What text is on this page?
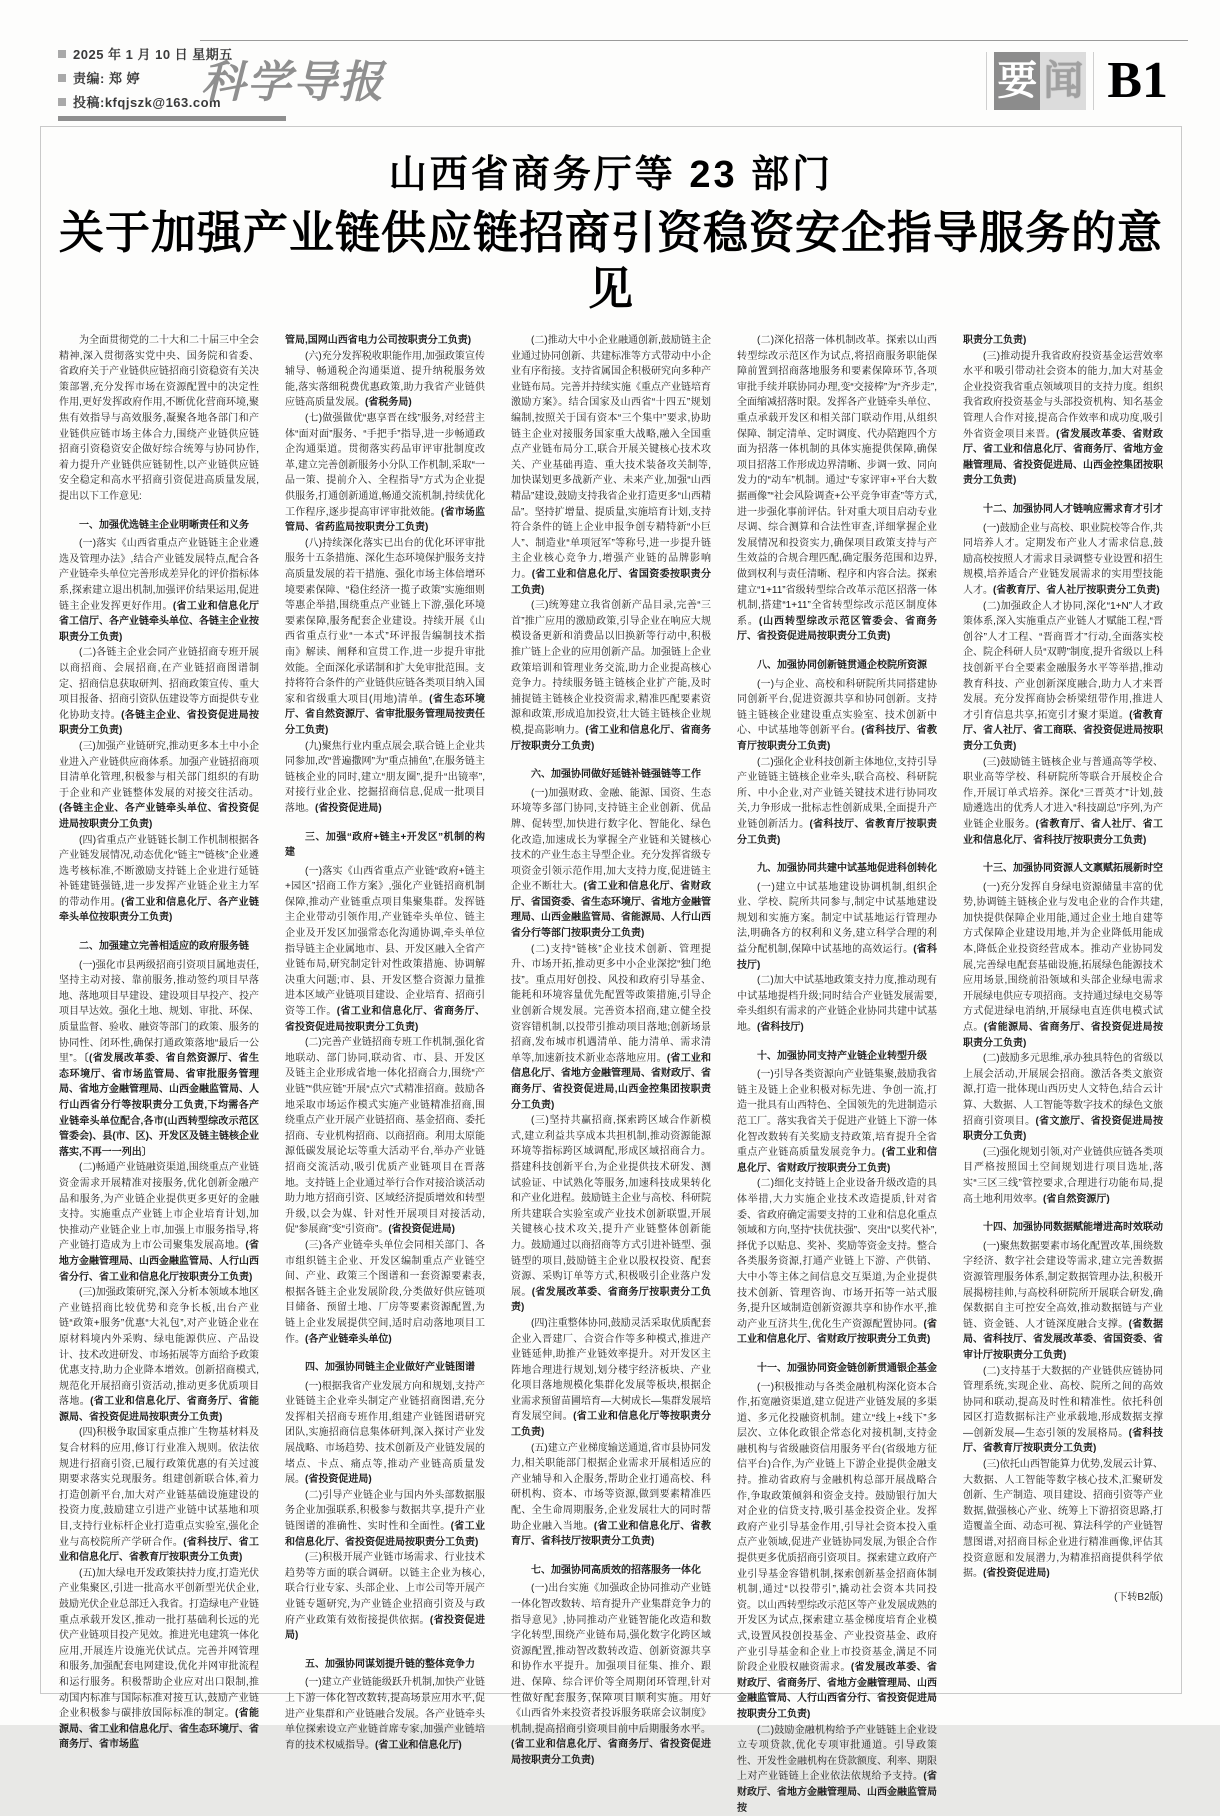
2025 年 1 月 10 日 星期五
责编: 郑 婷
投稿:kfqjszk@163.com
科学导报	要 闻 B1
山西省商务厅等 23 部门
关于加强产业链供应链招商引资稳资安企指导服务的意见

为全面贯彻党的二十大和二十届三中全会精神,深入贯彻落实党中央、国务院和省委、省政府关于产业链供应链招商引资稳资有关决策部署,充分发挥市场在资源配置中的决定性作用,更好发挥政府作用,不断优化营商环境,聚焦有效指导与高效服务,凝聚各地各部门和产业链供应链市场主体合力,围绕产业链供应链招商引资稳资安企做好综合统筹与协同协作,着力提升产业链供应链韧性,以产业链供应链安全稳定和高水平招商引资促进高质量发展,提出以下工作意见:

一、加强优选链主企业明晰责任和义务

(一)落实《山西省重点产业链链主企业遴选及管理办法》,结合产业链发展特点,配合各产业链牵头单位完善形成差异化的评价指标体系,探索建立退出机制,加强评价结果运用,促进链主企业发挥更好作用。(省工业和信息化厅省工信厅、各产业链牵头单位、各链主企业按职责分工负责)

(二)各链主企业会同产业链招商专班开展以商招商、会展招商,在产业链招商图谱制定、招商信息获取研判、招商政策宣传、重大项目报备、招商引资队伍建设等方面提供专业化协助支持。(各链主企业、省投资促进局按职责分工负责)

(三)加强产业链研究,推动更多本土中小企业进入产业链供应商体系。加强产业链招商项目清单化管理,积极参与相关部门组织的有助于企业和产业链整体发展的对接交往活动。(各链主企业、各产业链牵头单位、省投资促进局按职责分工负责)

(四)省重点产业链链长制工作机制根据各产业链发展情况,动态优化“链主”“链核”企业遴选考核标准,不断激励支持链上企业进行延链补链建链强链,进一步发挥产业链企业主力军的带动作用。(省工业和信息化厅、各产业链牵头单位按职责分工负责)

二、加强建立完善相适应的政府服务链

(一)强化市县两级招商引资项目属地责任,坚持主动对接、靠前服务,推动签约项目早落地、落地项目早建设、建设项目早投产、投产项目早达效。强化土地、规划、审批、环保、质量监督、验收、融资等部门的政策、服务的协同性、闭环性,确保打通政策落地“最后一公里”。〔(省发展改革委、省自然资源厅、省生态环境厅、省市场监管局、省审批服务管理局、省地方金融管理局、山西金融监管局、人行山西省分行等按职责分工负责,下均需各产业链牵头单位配合,各市(山西转型综改示范区管委会)、县(市、区)、开发区及链主链核企业落实,不再一一列出〕

(二)畅通产业链融资渠道,围绕重点产业链资金需求开展精准对接服务,优化创新金融产品和服务,为产业链企业提供更多更好的金融支持。实施重点产业链上市企业培育计划,加快推动产业链企业上市,加强上市服务指导,将产业链打造成为上市公司聚集发展高地。(省地方金融管理局、山西金融监管局、人行山西省分行、省工业和信息化厅按职责分工负责)

(三)加强政策研究,深入分析本领域本地区产业链招商比较优势和竞争长板,出台产业链“政策+服务”优惠“大礼包”,对产业链企业在原材料境内外采购、绿电能源供应、产品设计、技术改进研发、市场拓展等方面给予政策优惠支持,助力企业降本增效。创新招商模式,规范化开展招商引资活动,推动更多优质项目落地。(省工业和信息化厅、省商务厅、省能源局、省投资促进局按职责分工负责)

(四)积极争取国家重点推广生物基材料及复合材料的应用,修订行业准入规则。依法依规进行招商引资,已履行政策优惠的有关过渡期要求落实兑现服务。组建创新联合体,着力打造创新平台,加大对产业链基础设施建设的投资力度,鼓励建立引进产业链中试基地和项目,支持行业标杆企业打造重点实验室,强化企业与高校院所产学研合作。(省科技厅、省工业和信息化厅、省教育厅按职责分工负责)

(五)加大绿电开发政策扶持力度,打造光伏产业集聚区,引进一批高水平创新型光伏企业,鼓励光伏企业总部迁入我省。打造绿电产业链重点承载开发区,推动一批打基础利长远的光伏产业链项目投产见效。推进光电建筑一体化应用,开展连片设施光伏试点。完善并网管理和服务,加强配套电网建设,优化并网审批流程和运行服务。积极帮助企业应对出口限制,推动国内标准与国际标准对接互认,鼓励产业链企业积极参与碳排放国际标准的制定。(省能源局、省工业和信息化厅、省生态环境厅、省商务厅、省市场监

管局,国网山西省电力公司按职责分工负责)

(六)充分发挥税收职能作用,加强政策宣传辅导、畅通税企沟通渠道、提升纳税服务效能,落实落细税费优惠政策,助力我省产业链供应链高质量发展。(省税务局)

(七)做强做优“惠享晋在线”服务,对经营主体“面对面”服务、“手把手”指导,进一步畅通政企沟通渠道。贯彻落实药品审评审批制度改革,建立完善创新服务小分队工作机制,采取“一品一策、提前介入、全程指导”方式为企业提供服务,打通创新通道,畅通交流机制,持续优化工作程序,逐步提高审评审批效能。(省市场监管局、省药监局按职责分工负责)

(八)持续深化落实已出台的优化环评审批服务十五条措施、深化生态环境保护服务支持高质量发展的若干措施、强化市场主体倍增环境要素保障、“稳住经济一揽子政策”实施细则等惠企举措,围绕重点产业链上下游,强化环境要素保障,服务配套企业建设。持续开展《山西省重点行业“一本式”环评报告编制技术指南》解读、阐释和宣贯工作,进一步提升审批效能。全面深化承诺制和扩大免审批范围。支持将符合条件的产业链供应链各类项目纳入国家和省级重大项目(用地)清单。(省生态环境厅、省自然资源厅、省审批服务管理局按责任分工负责)

(九)聚焦行业内重点展会,联合链上企业共同参加,改“普遍撒网”为“重点捕鱼”,在服务链主链核企业的同时,建立“朋友圈”,提升“出镜率”,对接行业企业、挖掘招商信息,促成一批项目落地。(省投资促进局)

三、加强“政府+链主+开发区”机制的构建

(一)落实《山西省重点产业链“政府+链主+园区”招商工作方案》,强化产业链招商机制保障,推动产业链重点项目集聚集群。发挥链主企业带动引领作用,产业链牵头单位、链主企业及开发区加强常态化沟通协调,牵头单位指导链主企业属地市、县、开发区融入全省产业链布局,研究制定针对性政策措施、协调解决重大问题;市、县、开发区整合资源力量推进本区域产业链项目建设、企业培育、招商引资等工作。(省工业和信息化厅、省商务厅、省投资促进局按职责分工负责)

(二)完善产业链招商专班工作机制,强化省地联动、部门协同,联动省、市、县、开发区及链主企业形成省地一体化招商合力,围绕“产业链”“供应链”开展“点穴”式精准招商。鼓励各地采取市场运作模式实施产业链精准招商,围绕重点产业开展产业链招商、基金招商、委托招商、专业机构招商、以商招商。利用太原能源低碳发展论坛等重大活动平台,举办产业链招商交流活动,吸引优质产业链项目在晋落地。支持链上企业通过举行合作对接洽谈活动助力地方招商引资、区域经济提质增效和转型升级,以会为媒、针对性开展项目对接活动,促“参展商”变“引资商”。(省投资促进局)

(三)各产业链牵头单位会同相关部门、各市组织链主企业、开发区编制重点产业链空间、产业、政策三个图谱和一套资源要素表,根据各链主企业发展阶段,分类做好供应链项目储备、预留土地、厂房等要素资源配置,为链上企业发展提供空间,适时启动落地项目工作。(各产业链牵头单位)

四、加强协同链主企业做好产业链图谱

(一)根据我省产业发展方向和规划,支持产业链链主企业牵头制定产业链招商图谱,充分发挥相关招商专班作用,组建产业链图谱研究团队,实施招商信息集体研判,深入探讨产业发展战略、市场趋势、技术创新及产业链发展的堵点、卡点、痛点等,推动产业链高质量发展。(省投资促进局)

(二)引导产业链企业与国内外头部数据服务企业加强联系,积极参与数据共享,提升产业链图谱的准确性、实时性和全面性。(省工业和信息化厅、省投资促进局按职责分工负责)

(三)积极开展产业链市场需求、行业技术趋势等方面的联合调研。以链主企业为核心,联合行业专家、头部企业、上市公司等开展产业链专题研究,为产业链企业招商引资及与政府产业政策有效衔接提供依据。(省投资促进局)

五、加强协同谋划提升链的整体竞争力

(一)建立产业链能级跃升机制,加快产业链上下游一体化智改数转,提高场景应用水平,促进产业集群和产业链融合发展。各产业链牵头单位探索设立产业链首席专家,加强产业链培育的技术权威指导。(省工业和信息化厅)

(二)推动大中小企业融通创新,鼓励链主企业通过协同创新、共建标准等方式带动中小企业有序衔接。支持省属国企积极研究向多种产业链布局。完善并持续实施《重点产业链培育激励方案》。结合国家及山西省“十四五”规划编制,按照关于国有资本“三个集中”要求,协助链主企业对接服务国家重大战略,融入全国重点产业链布局分工,联合开展关键核心技术攻关、产业基础再造、重大技术装备攻关制等,加快谋划更多战新产业、未来产业,加强“山西精品”建设,鼓励支持我省企业打造更多“山西精品”。坚持扩增量、提质量,实施培育计划,支持符合条件的链上企业申报争创专精特新“小巨人”、制造业“单项冠军”等称号,进一步提升链主企业核心竞争力,增强产业链的品牌影响力。(省工业和信息化厅、省国资委按职责分工负责)

(三)统筹建立我省创新产品目录,完善“三首”推广应用的激励政策,引导企业在响应大规模设备更新和消费品以旧换新等行动中,积极推广链上企业的应用创新产品。加强链上企业政策培训和管理业务交流,助力企业提高核心竞争力。持续服务链主链核企业扩产能,及时捕捉链主链核企业投资需求,精准匹配要素资源和政策,形成追加投资,壮大链主链核企业规模,提高影响力。(省工业和信息化厅、省商务厅按职责分工负责)

六、加强协同做好延链补链强链等工作

(一)加强财政、金融、能源、国资、生态环境等多部门协同,支持链主企业创新、优品牌、促转型,加快进行数字化、智能化、绿色化改造,加速成长为掌握全产业链和关键核心技术的产业生态主导型企业。充分发挥省级专项资金引领示范作用,加大支持力度,促进链主企业不断壮大。(省工业和信息化厅、省财政厅、省国资委、省生态环境厅、省地方金融管理局、山西金融监管局、省能源局、人行山西省分行等部门按职责分工负责)

(二)支持“链核”企业技术创新、管理提升、市场开拓,推动更多中小企业深挖“独门绝技”。重点用好创投、风投和政府引导基金、能耗和环境容量优先配置等政策措施,引导企业创新合规发展。完善资本招商,建立健全投资容错机制,以投带引推动项目落地;创新场景招商,发布城市机遇清单、能力清单、需求清单等,加速新技术新业态落地应用。(省工业和信息化厅、省地方金融管理局、省财政厅、省商务厅、省投资促进局,山西金控集团按职责分工负责)

(三)坚持共赢招商,探索跨区域合作新模式,建立利益共享成本共担机制,推动资源能源环境等指标跨区域调配,形成区域招商合力。搭建科技创新平台,为企业提供技术研发、测试验证、中试熟化等服务,加速科技成果转化和产业化进程。鼓励链主企业与高校、科研院所共建联合实验室或产业技术创新联盟,开展关键核心技术攻关,提升产业链整体创新能力。鼓励通过以商招商等方式引进补链型、强链型的项目,鼓励链主企业以股权投资、配套资源、采购订单等方式,积极吸引企业落户发展。(省发展改革委、省商务厅按职责分工负责)

(四)注重整体协同,鼓励灵活采取优质配套企业入晋建厂、合资合作等多种模式,推进产业链延伸,助推产业链效率提升。对开发区主阵地合理进行规划,划分楼宇经济板块、产业化项目落地规模化集群化发展等板块,根据企业需求预留苗圃培育—大树成长—集群发展培育发展空间。(省工业和信息化厅等按职责分工负责)

(五)建立产业梯度输送通道,省市县协同发力,相关职能部门根据企业需求开展相适应的产业辅导和入企服务,帮助企业打通高校、科研机构、资本、市场等资源,做到要素精准匹配、全生命周期服务,企业发展壮大的同时帮助企业融入当地。(省工业和信息化厅、省教育厅、省科技厅按职责分工负责)

七、加强协同高质效的招落服务一体化

(一)出台实施《加强政企协同推动产业链一体化智改数转、培育提升产业集群竞争力的指导意见》,协同推动产业链智能化改造和数字化转型,围绕产业链布局,强化数字化跨区域资源配置,推动智改数转改造、创新资源共享和协作水平提升。加强项目征集、推介、跟进、保障、综合评价等全周期闭环管理,针对性做好配套服务,保障项目顺利实施。用好《山西省外来投资者投诉服务联席会议制度》机制,提高招商引资项目前中后期服务水平。(省工业和信息化厅、省商务厅、省投资促进局按职责分工负责)

(二)深化招落一体机制改革。探索以山西转型综改示范区作为试点,将招商服务职能保障前置到招商落地服务和要素保障环节,各项审批手续并联协同办理,变“交接棒”为“齐步走”,全面缩减招落时限。发挥各产业链牵头单位、重点承载开发区和相关部门联动作用,从组织保障、制定清单、定时调度、代办陪跑四个方面为招落一体机制的具体实施提供保障,确保项目招落工作形成边界清晰、步调一致、同向发力的“动车”机制。通过“专家评审+平台大数据画像”“社会风险调查+公平竞争审查”等方式,进一步强化事前评估。针对重大项目启动专业尽调、综合测算和合法性审查,详细掌握企业发展情况和投资实力,确保项目政策支持与产生效益的合规合理匹配,确定服务范围和边界,做到权利与责任清晰、程序和内容合法。探索建立“1+11”省级转型综合改革示范区招落一体机制,搭建“1+11”全省转型综改示范区制度体系。(山西转型综改示范区管委会、省商务厅、省投资促进局按职责分工负责)

八、加强协同创新链贯通企校院所资源

(一)与企业、高校和科研院所共同搭建协同创新平台,促进资源共享和协同创新。支持链主链核企业建设重点实验室、技术创新中心、中试基地等创新平台。(省科技厅、省教育厅按职责分工负责)

(二)强化企业科技创新主体地位,支持引导产业链链主链核企业牵头,联合高校、科研院所、中小企业,对产业链关键技术进行协同攻关,力争形成一批标志性创新成果,全面提升产业链创新活力。(省科技厅、省教育厅按职责分工负责)

九、加强协同共建中试基地促进科创转化

(一)建立中试基地建设协调机制,组织企业、学校、院所共同参与,制定中试基地建设规划和实施方案。制定中试基地运行管理办法,明确各方的权利和义务,建立科学合理的利益分配机制,保障中试基地的高效运行。(省科技厅)

(二)加大中试基地政策支持力度,推动现有中试基地提档升级;同时结合产业链发展需要,牵头组织有需求的产业链企业协同共建中试基地。(省科技厅)

十、加强协同支持产业链企业转型升级

(一)引导各类资源向产业链集聚,鼓励我省链主及链上企业积极对标先进、争创一流,打造一批具有山西特色、全国领先的先进制造示范工厂。落实我省关于促进产业链上下游一体化智改数转有关奖励支持政策,培育提升全省重点产业链高质量发展竞争力。(省工业和信息化厅、省财政厅按职责分工负责)

(二)细化支持链上企业设备升级改造的具体举措,大力实施企业技术改造提质,针对省委、省政府确定需要支持的工业和信息化重点领域和方向,坚持“扶优扶强”、突出“以奖代补”,择优予以贴息、奖补、奖励等资金支持。整合各类服务资源,打通产业链上下游、产供销、大中小等主体之间信息交互渠道,为企业提供技术创新、管理咨询、市场开拓等一站式服务,提升区域制造创新资源共享和协作水平,推动产业互济共生,优化生产资源配置协同。(省工业和信息化厅、省财政厅按职责分工负责)

十一、加强协同资金链创新贯通银企基金

(一)积极推动与各类金融机构深化资本合作,拓宽融资渠道,建立促进产业链发展的多渠道、多元化投融资机制。建立“线上+线下”多层次、立体化政银企常态化对接机制,支持金融机构与省级融资信用服务平台(省级地方征信平台)合作,为产业链上下游企业提供金融支持。推动省政府与金融机构总部开展战略合作,争取政策倾斜和资金支持。鼓励银行加大对企业的信贷支持,吸引基金投资企业。发挥政府产业引导基金作用,引导社会资本投入重点产业领域,促进产业链协同发展,为银企合作提供更多优质招商引资项目。探索建立政府产业引导基金容错机制,探索创新基金招商体制机制,通过“以投带引”,撬动社会资本共同投资。以山西转型综改示范区等产业发展成熟的开发区为试点,探索建立基金梯度培育企业模式,设置风投创投基金、产业投资基金、政府产业引导基金和企业上市投资基金,满足不同阶段企业股权融资需求。(省发展改革委、省财政厅、省商务厅、省地方金融管理局、山西金融监管局、人行山西省分行、省投资促进局按职责分工负责)

(二)鼓励金融机构给予产业链链上企业设立专项贷款,优化专项审批通道。引导政策性、开发性金融机构在贷款额度、利率、期限上对产业链链上企业依法依规给予支持。(省财政厅、省地方金融管理局、山西金融监管局按

职责分工负责)

(三)推动提升我省政府投资基金运营效率水平和吸引带动社会资本的能力,加大对基金企业投资我省重点领域项目的支持力度。组织我省政府投资基金与头部投资机构、知名基金管理人合作对接,提高合作效率和成功度,吸引外省资金项目来晋。(省发展改革委、省财政厅、省工业和信息化厅、省商务厅、省地方金融管理局、省投资促进局、山西金控集团按职责分工负责)

十二、加强协同人才链响应需求育才引才

(一)鼓励企业与高校、职业院校等合作,共同培养人才。定期发布产业人才需求信息,鼓励高校按照人才需求目录调整专业设置和招生规模,培养适合产业链发展需求的实用型技能人才。(省教育厅、省人社厅按职责分工负责)

(二)加强政企人才协同,深化“1+N”人才政策体系,深入实施重点产业链人才赋能工程,“晋创谷”人才工程、“晋商晋才”行动,全面落实校企、院企科研人员“双聘”制度,提升省级以上科技创新平台全要素金融服务水平等举措,推动教育科技、产业创新深度融合,助力人才来晋发展。充分发挥商协会桥梁纽带作用,推进人才引育信息共享,拓宽引才聚才渠道。(省教育厅、省人社厅、省工商联、省投资促进局按职责分工负责)

(三)鼓励链主链核企业与普通高等学校、职业高等学校、科研院所等联合开展校企合作,开展订单式培养。深化“三晋英才”计划,鼓励遴选出的优秀人才进入“科技副总”序列,为产业链企业服务。(省教育厅、省人社厅、省工业和信息化厅、省科技厅按职责分工负责)

十三、加强协同资源人文禀赋拓展新时空

(一)充分发挥自身绿电资源储量丰富的优势,协调链主链核企业与发电企业的合作共建,加快提供保障企业用能,通过企业土地自建等方式保障企业建设用地,并为企业降低用能成本,降低企业投资经营成本。推动产业协同发展,完善绿电配套基础设施,拓展绿色能源技术应用场景,围绕前沿领域和头部企业绿电需求开展绿电供应专项招商。支持通过绿电交易等方式促进绿电消纳,开展绿电直连供电模式试点。(省能源局、省商务厅、省投资促进局按职责分工负责)

(二)鼓励多元思维,承办独具特色的省级以上展会活动,开展展会招商。激活各类文旅资源,打造一批体现山西历史人文特色,结合云计算、大数据、人工智能等数字技术的绿色文旅招商引资项目。(省文旅厅、省投资促进局按职责分工负责)

(三)强化规划引领,对产业链供应链各类项目严格按照国土空间规划进行项目选址,落实“三区三线”管控要求,合理进行功能布局,提高土地利用效率。(省自然资源厅)

十四、加强协同数据赋能增进高时效联动

(一)聚焦数据要素市场化配置改革,围绕数字经济、数字社会建设等需求,建立完善数据资源管理服务体系,制定数据管理办法,积极开展揭榜挂帅,与高校科研院所开展联合研发,确保数据自主可控安全高效,推动数据链与产业链、资金链、人才链深度融合支撑。(省数据局、省科技厅、省发展改革委、省国资委、省审计厅按职责分工负责)

(二)支持基于大数据的产业链供应链协同管理系统,实现企业、高校、院所之间的高效协同和联动,提高及时性和精准性。依托科创园区打造数据标注产业承载地,形成数据支撑—创新发展—生态引领的发展格局。(省科技厅、省教育厅按职责分工负责)

(三)依托山西智能算力优势,发展云计算、大数据、人工智能等数字核心技术,汇聚研发创新、生产制造、项目建设、招商引资等产业数据,做强核心产业、统筹上下游招资思路,打造覆盖全面、动态可视、算法科学的产业链智慧图谱,对招商目标企业进行精准画像,评估其投资意愿和发展潜力,为精准招商提供科学依据。(省投资促进局)

(下转B2版)
